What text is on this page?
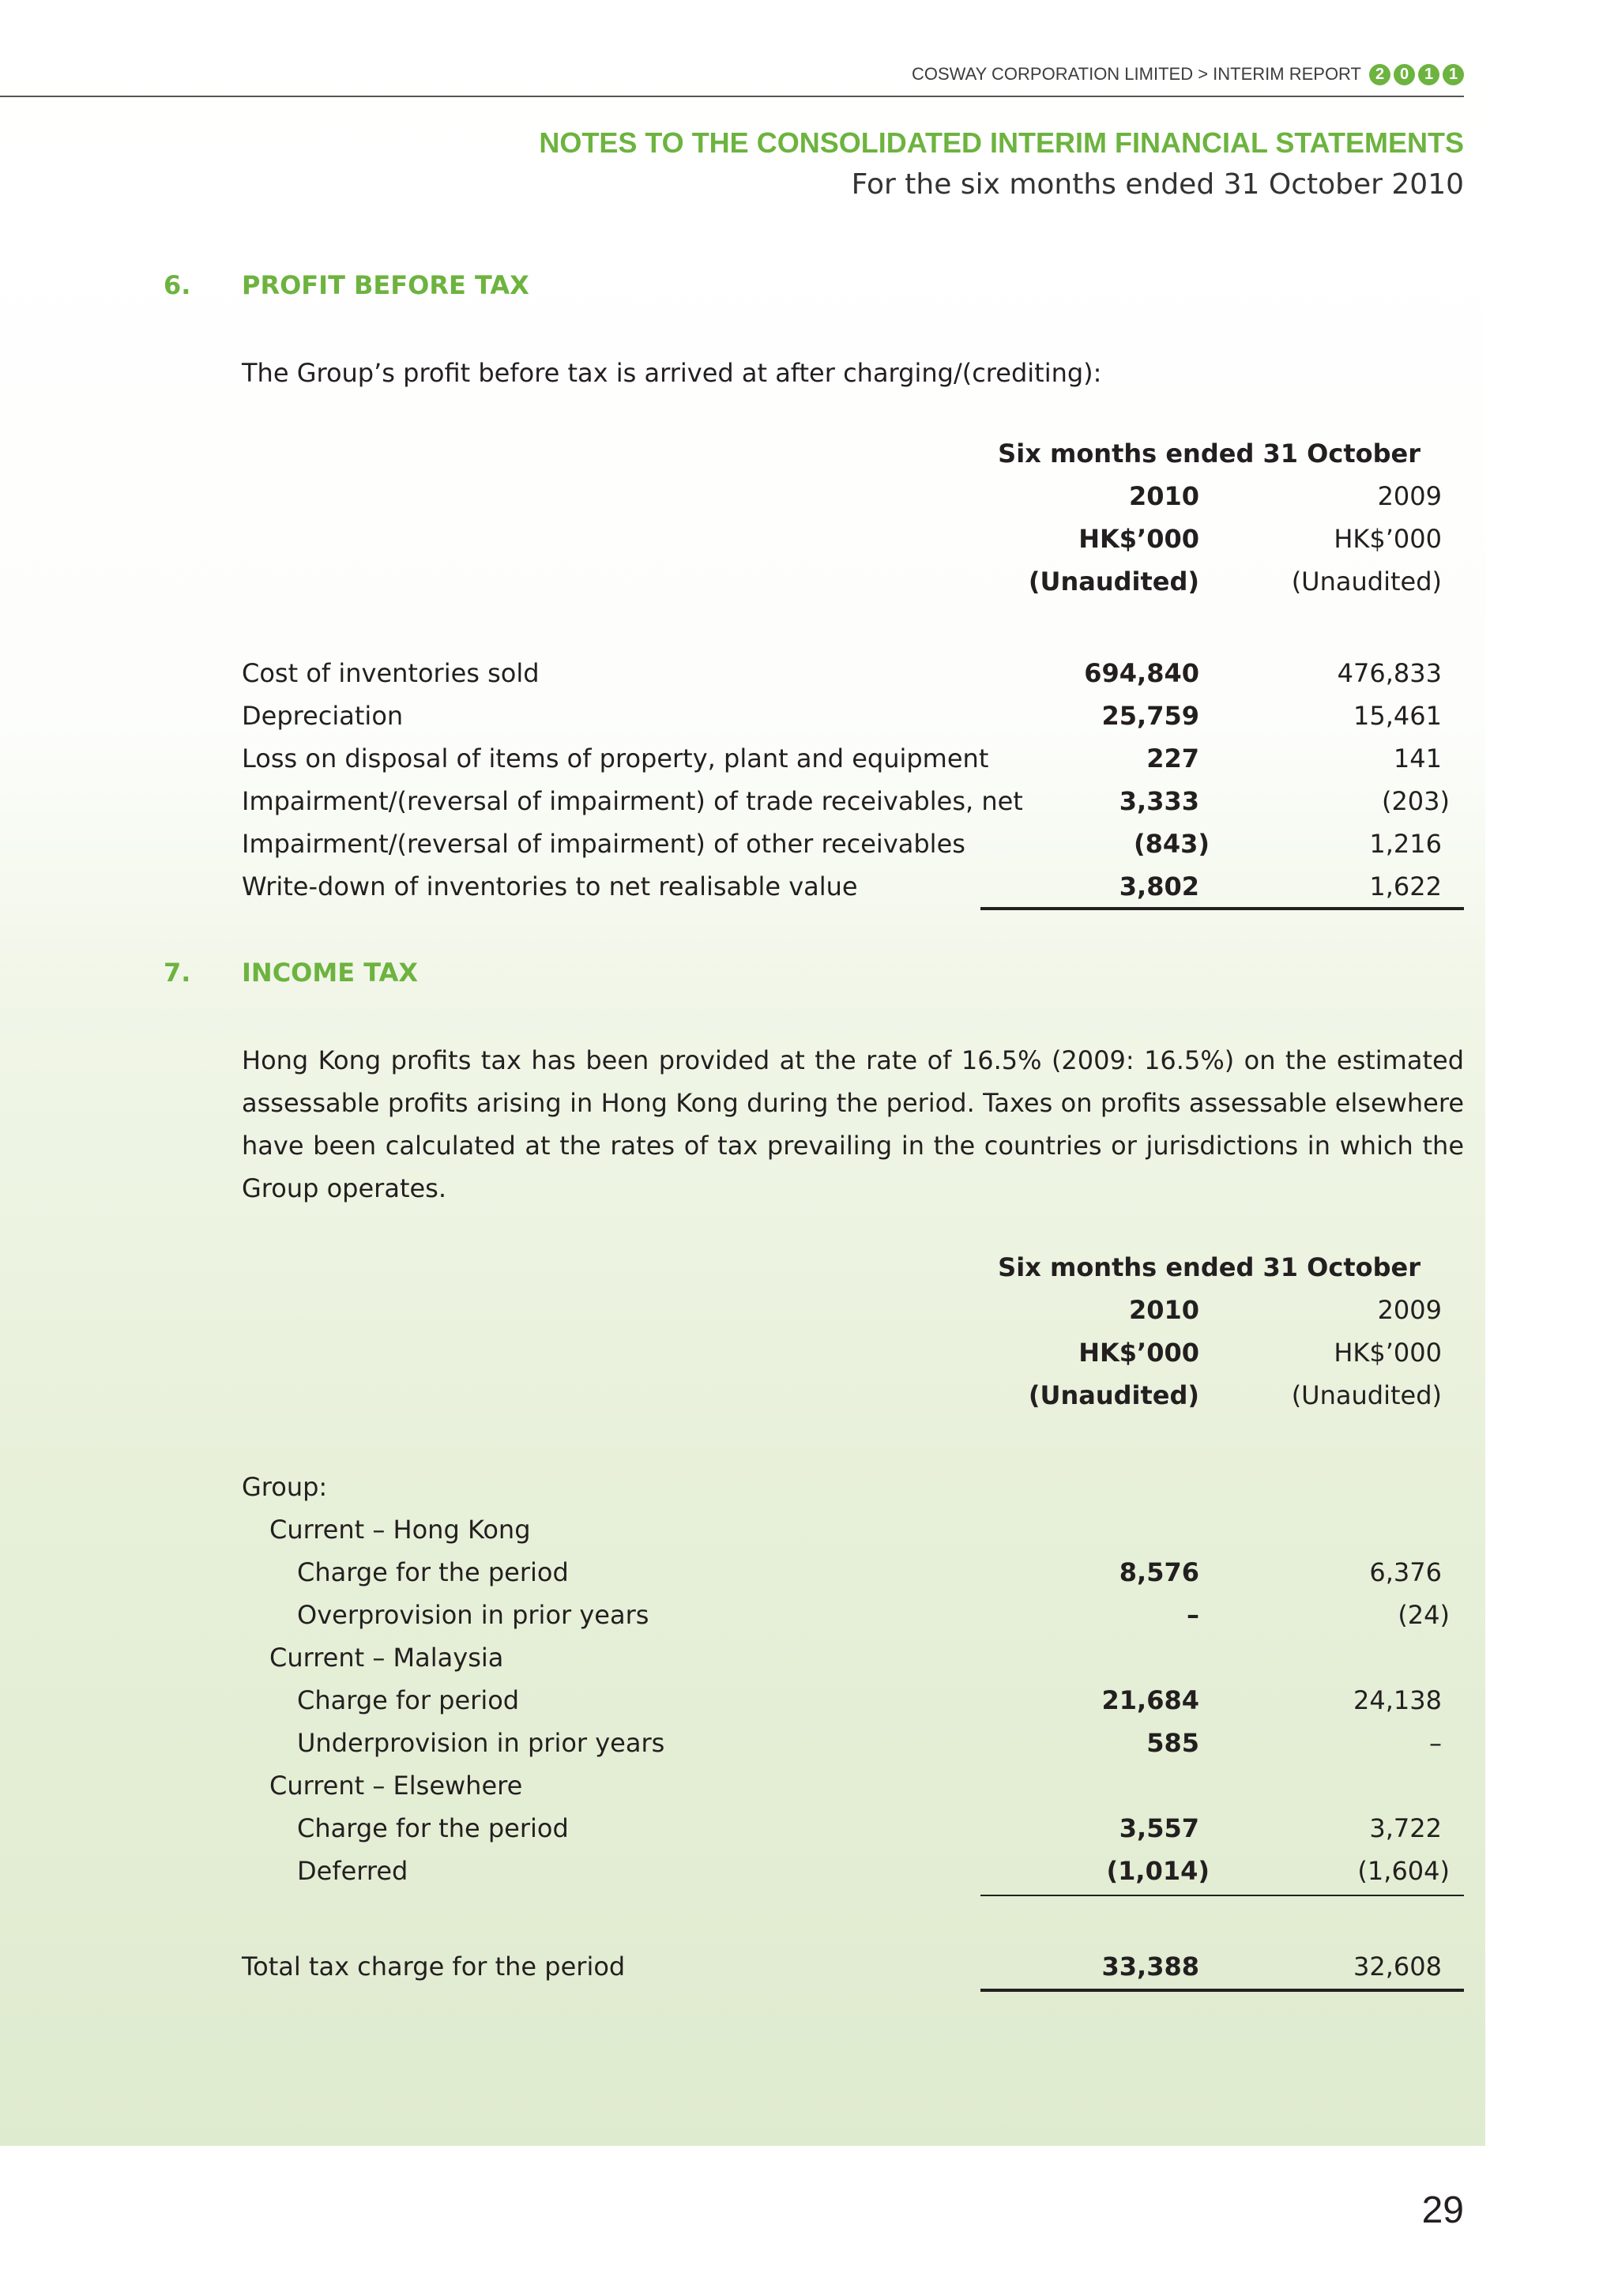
COSWAY CORPORATION LIMITED > INTERIM REPORT 2 0 1 1
NOTES TO THE CONSOLIDATED INTERIM FINANCIAL STATEMENTS
For the six months ended 31 October 2010
6. PROFIT BEFORE TAX
The Group’s profit before tax is arrived at after charging/(crediting):
Six months ended 31 October
2010	2009
HK$’000	HK$’000
(Unaudited)	(Unaudited)
Cost of inventories sold	694,840	476,833
Depreciation	25,759	15,461
Loss on disposal of items of property, plant and equipment	227	141
Impairment/(reversal of impairment) of trade receivables, net	3,333	(203)
Impairment/(reversal of impairment) of other receivables	(843)	1,216
Write-down of inventories to net realisable value	3,802	1,622
7. INCOME TAX
Hong Kong profits tax has been provided at the rate of 16.5% (2009: 16.5%) on the estimated assessable profits arising in Hong Kong during the period. Taxes on profits assessable elsewhere have been calculated at the rates of tax prevailing in the countries or jurisdictions in which the Group operates.
Six months ended 31 October
2010	2009
HK$’000	HK$’000
(Unaudited)	(Unaudited)
Group:
Current – Hong Kong
Charge for the period	8,576	6,376
Overprovision in prior years	–	(24)
Current – Malaysia
Charge for period	21,684	24,138
Underprovision in prior years	585	–
Current – Elsewhere
Charge for the period	3,557	3,722
Deferred	(1,014)	(1,604)
Total tax charge for the period	33,388	32,608
29
